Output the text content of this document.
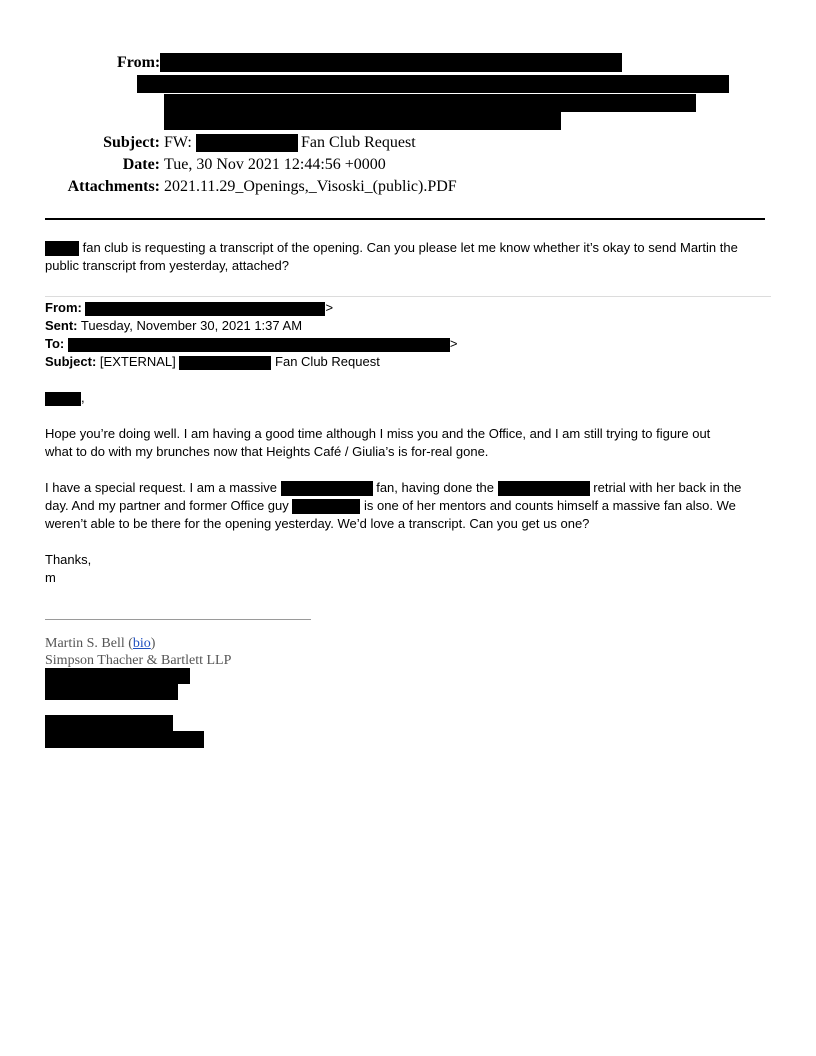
From:
Subject: FW:	Fan Club Request
Date: Tue, 30 Nov 2021 12:44:56 +0000
Attachments: 2021.11.29_Openings,_Visoski_(public).PDF
fan club is requesting a transcript of the opening. Can you please let me know whether it’s okay to send Martin the
public transcript from yesterday, attached?
From:	>
Sent: Tuesday, November 30, 2021 1:37 AM
To:	>
Subject: [EXTERNAL]	Fan Club Request
,
Hope you’re doing well. I am having a good time although I miss you and the Office, and I am still trying to figure out
what to do with my brunches now that Heights Café / Giulia’s is for-real gone.
I have a special request. I am a massive	fan, having done the	retrial with her back in the
day. And my partner and former Office guy	is one of her mentors and counts himself a massive fan also. We
weren’t able to be there for the opening yesterday. We’d love a transcript. Can you get us one?
Thanks,
m
Martin S. Bell (bio)
Simpson Thacher & Bartlett LLP
